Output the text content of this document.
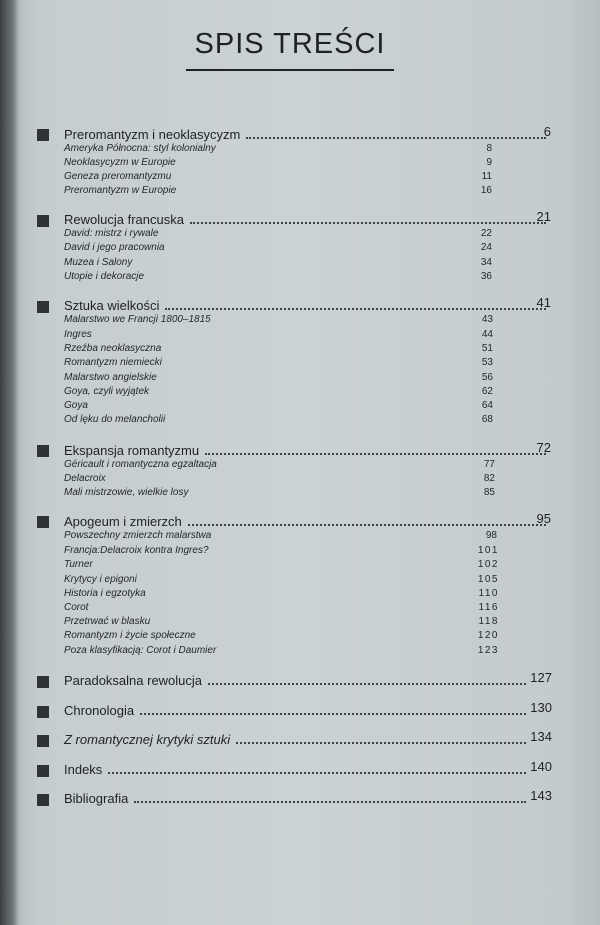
SPIS TREŚCI
Preromantyzm i neoklasycyzm	6
Ameryka Północna: styl kolonialny	8
Neoklasycyzm w Europie	9
Geneza preromantyzmu	11
Preromantyzm w Europie	16
Rewolucja francuska	21
David: mistrz i rywale	22
David i jego pracownia	24
Muzea i Salony	34
Utopie i dekoracje	36
Sztuka wielkości	41
Malarstwo we Francji 1800–1815	43
Ingres	44
Rzeźba neoklasyczna	51
Romantyzm niemiecki	53
Malarstwo angielskie	56
Goya, czyli wyjątek	62
Goya	64
Od lęku do melancholii	68
Ekspansja romantyzmu	72
Géricault i romantyczna egzaltacja	77
Delacroix	82
Mali mistrzowie, wielkie losy	85
Apogeum i zmierzch	95
Powszechny zmierzch malarstwa	98
Francja:Delacroix kontra Ingres?	101
Turner	102
Krytycy i epigoni	105
Historia i egzotyka	110
Corot	116
Przetrwać w blasku	118
Romantyzm i życie społeczne	120
Poza klasyfikacją: Corot i Daumier	123
Paradoksalna rewolucja	127
Chronologia	130
Z romantycznej krytyki sztuki	134
Indeks	140
Bibliografia	143
